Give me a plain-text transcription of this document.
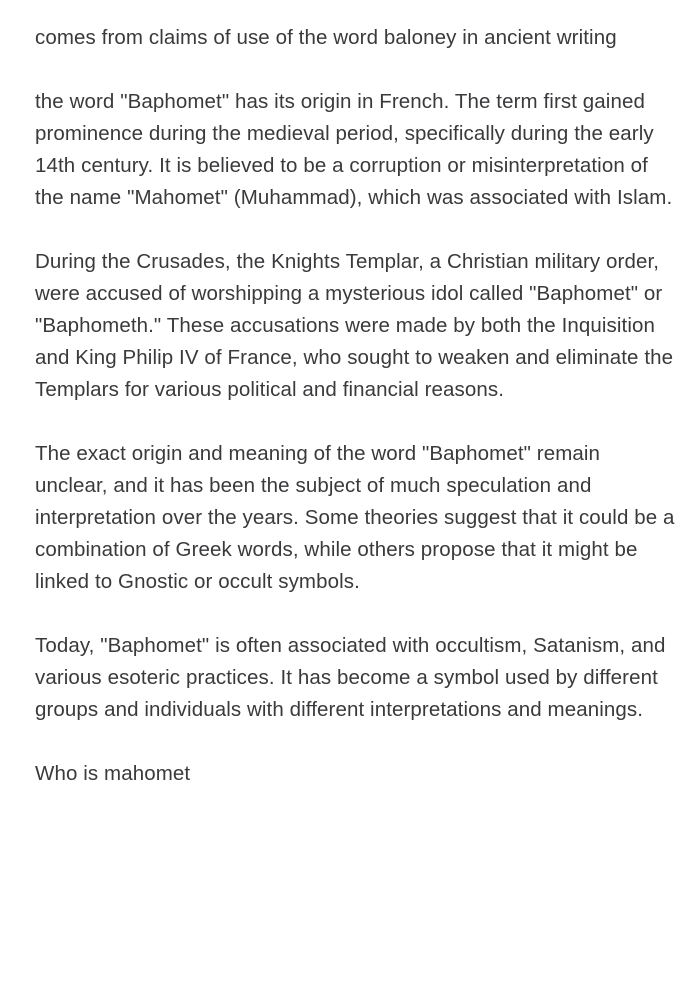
comes from claims of use of the word baloney in ancient writing

the word "Baphomet" has its origin in French. The term first gained prominence during the medieval period, specifically during the early 14th century. It is believed to be a corruption or misinterpretation of the name "Mahomet" (Muhammad), which was associated with Islam.

During the Crusades, the Knights Templar, a Christian military order, were accused of worshipping a mysterious idol called "Baphomet" or "Baphometh." These accusations were made by both the Inquisition and King Philip IV of France, who sought to weaken and eliminate the Templars for various political and financial reasons.

The exact origin and meaning of the word "Baphomet" remain unclear, and it has been the subject of much speculation and interpretation over the years. Some theories suggest that it could be a combination of Greek words, while others propose that it might be linked to Gnostic or occult symbols.

Today, "Baphomet" is often associated with occultism, Satanism, and various esoteric practices. It has become a symbol used by different groups and individuals with different interpretations and meanings.

Who is mahomet
